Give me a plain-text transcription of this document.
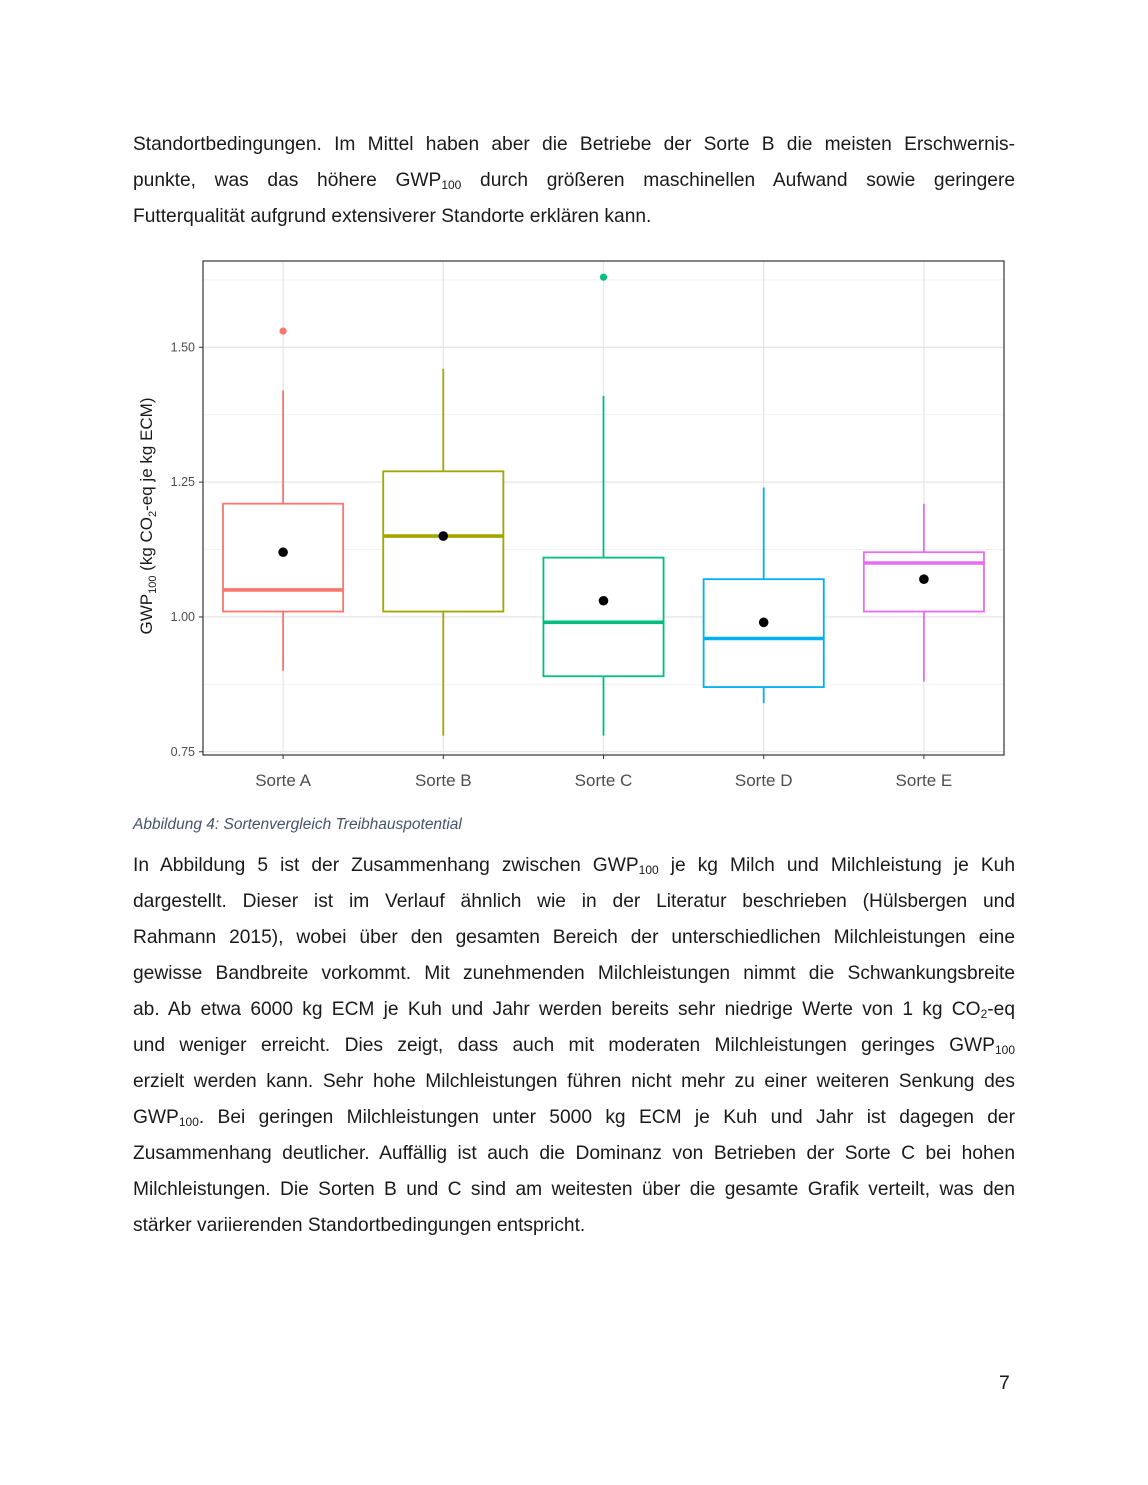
Standortbedingungen. Im Mittel haben aber die Betriebe der Sorte B die meisten Erschwernis-
punkte, was das höhere $GWP_{100}$ durch größeren maschinellen Aufwand sowie geringere
Futterqualität aufgrund extensiverer Standorte erklären kann.
0.75
1.00
1.25
1.50
Sorte A	Sorte B	Sorte C	Sorte D	Sorte E
$GWP_{100}$ (kg $CO_2-eq$ je kg ECM)

Abbildung 4: Sortenvergleich Treibhauspotential

In Abbildung 5 ist der Zusammenhang zwischen $GWP_{100}$ je kg Milch und Milchleistung je Kuh
dargestellt. Dieser ist im Verlauf ähnlich wie in der Literatur beschrieben (Hülsbergen und
Rahmann 2015), wobei über den gesamten Bereich der unterschiedlichen Milchleistungen eine
gewisse Bandbreite vorkommt. Mit zunehmenden Milchleistungen nimmt die Schwankungsbreite
ab. Ab etwa 6000 kg ECM je Kuh und Jahr werden bereits sehr niedrige Werte von 1 kg $CO_2-eq$
und weniger erreicht. Dies zeigt, dass auch mit moderaten Milchleistungen geringes $GWP_{100}$
erzielt werden kann. Sehr hohe Milchleistungen führen nicht mehr zu einer weiteren Senkung des
$GWP_{100}$. Bei geringen Milchleistungen unter 5000 kg ECM je Kuh und Jahr ist dagegen der
Zusammenhang deutlicher. Auffällig ist auch die Dominanz von Betrieben der Sorte C bei hohen
Milchleistungen. Die Sorten B und C sind am weitesten über die gesamte Grafik verteilt, was den
stärker variierenden Standortbedingungen entspricht.
7
